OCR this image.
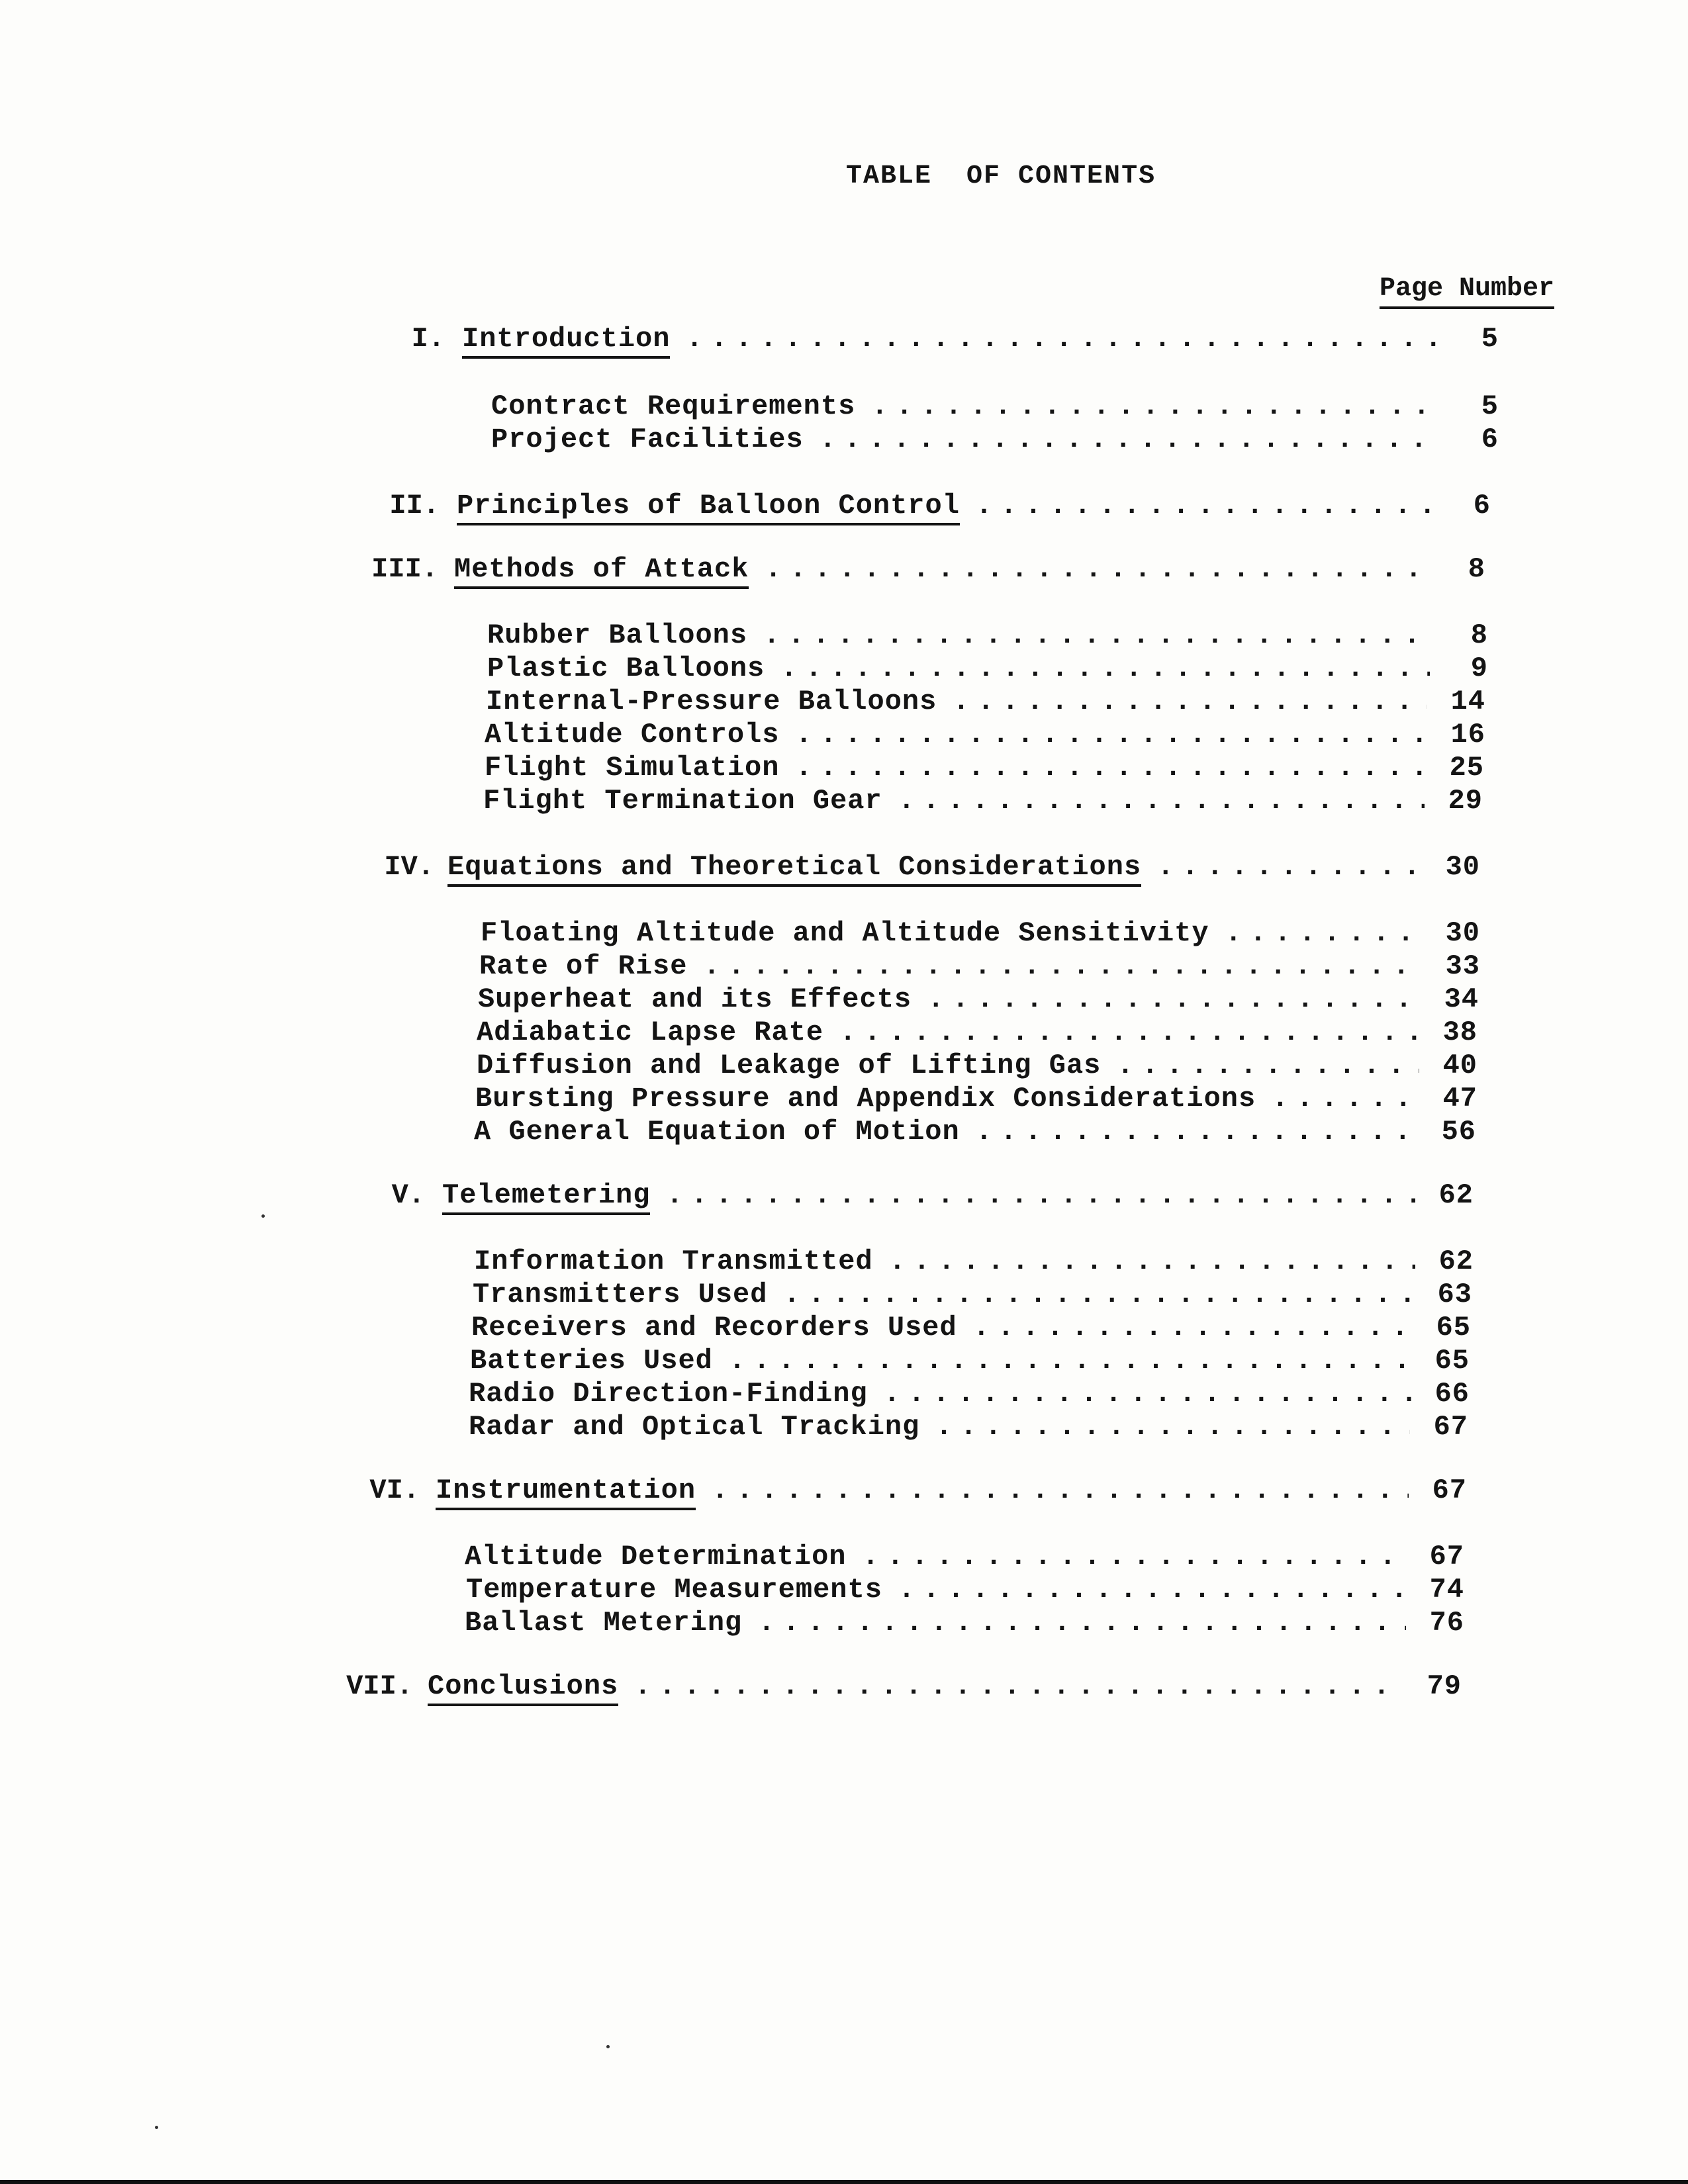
TABLE  OF CONTENTS
Page Number
I. Introduction .....	5
Contract Requirements .....	5
Project Facilities .....	6
II. Principles of Balloon Control .....	6
III. Methods of Attack .....	8
Rubber Balloons .....	8
Plastic Balloons .....	9
Internal-Pressure Balloons .....	14
Altitude Controls .....	16
Flight Simulation .....	25
Flight Termination Gear .....	29
IV. Equations and Theoretical Considerations .....	30
Floating Altitude and Altitude Sensitivity .....	30
Rate of Rise .....	33
Superheat and its Effects .....	34
Adiabatic Lapse Rate .....	38
Diffusion and Leakage of Lifting Gas .....	40
Bursting Pressure and Appendix Considerations .....	47
A General Equation of Motion .....	56
V. Telemetering .....	62
Information Transmitted .....	62
Transmitters Used .....	63
Receivers and Recorders Used .....	65
Batteries Used .....	65
Radio Direction-Finding .....	66
Radar and Optical Tracking .....	67
VI. Instrumentation .....	67
Altitude Determination .....	67
Temperature Measurements .....	74
Ballast Metering .....	76
VII. Conclusions .....	79
